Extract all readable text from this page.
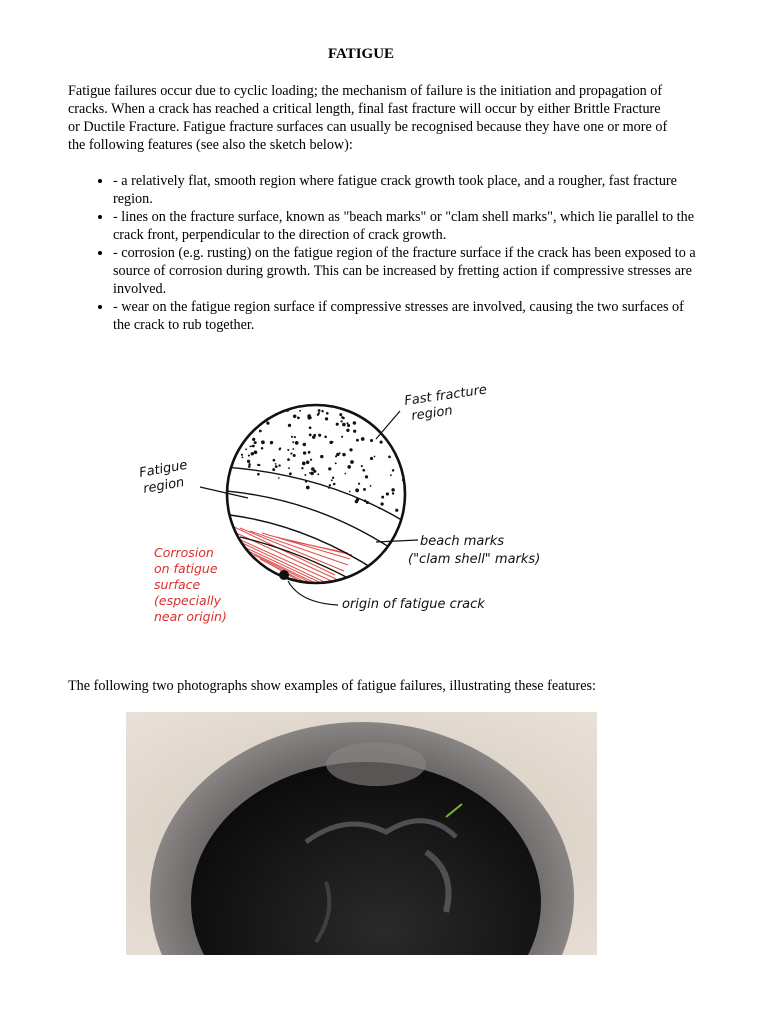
FATIGUE

Fatigue failures occur due to cyclic loading; the mechanism of failure is the initiation and propagation of cracks. When a crack has reached a critical length, final fast fracture will occur by either Brittle Fracture or Ductile Fracture. Fatigue fracture surfaces can usually be recognised because they have one or more of the following features (see also the sketch below):

• - a relatively flat, smooth region where fatigue crack growth took place, and a rougher, fast fracture region.
• - lines on the fracture surface, known as "beach marks" or "clam shell marks", which lie parallel to the crack front, perpendicular to the direction of crack growth.
• - corrosion (e.g. rusting) on the fatigue region of the fracture surface if the crack has been exposed to a source of corrosion during growth. This can be increased by fretting action if compressive stresses are involved.
• - wear on the fatigue region surface if compressive stresses are involved, causing the two surfaces of the crack to rub together.
Fast fracture
region
Fatigue
region
beach marks
("clam shell" marks)
origin of fatigue crack
Corrosion
on fatigue
surface
(especially
near origin)

The following two photographs show examples of fatigue failures, illustrating these features:
